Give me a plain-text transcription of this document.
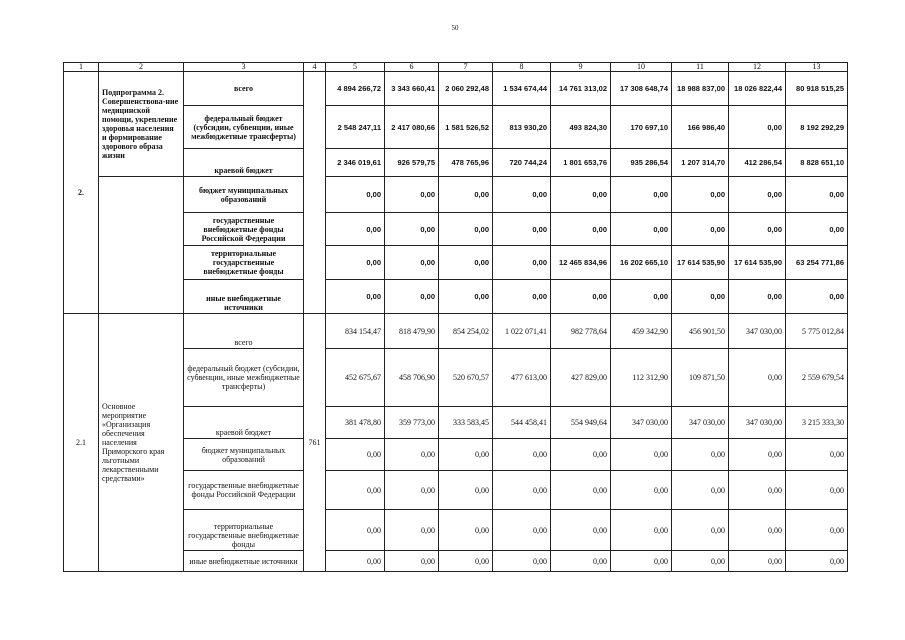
50
1	2	3	4	5	6	7	8	9	10	11	12	13
2.	Подпрограмма 2. Совершенствова-ние медицинской помощи, укрепление здоровья населения и формирование здорового образа жизни	всего		4 894 266,72	3 343 660,41	2 060 292,48	1 534 674,44	14 761 313,02	17 308 648,74	18 988 837,00	18 026 822,44	80 918 515,25
		федеральный бюджет (субсидии, субвенции, иные межбюджетные трансферты)		2 548 247,11	2 417 080,66	1 581 526,52	813 930,20	493 824,30	170 697,10	166 986,40	0,00	8 192 292,29
		краевой бюджет		2 346 019,61	926 579,75	478 765,96	720 744,24	1 801 653,76	935 286,54	1 207 314,70	412 286,54	8 828 651,10
		бюджет муниципальных образований		0,00	0,00	0,00	0,00	0,00	0,00	0,00	0,00	0,00
		государственные внебюджетные фонды Российской Федерации		0,00	0,00	0,00	0,00	0,00	0,00	0,00	0,00	0,00
		территориальные государственные внебюджетные фонды		0,00	0,00	0,00	0,00	12 465 834,96	16 202 665,10	17 614 535,90	17 614 535,90	63 254 771,86
		иные внебюджетные источники		0,00	0,00	0,00	0,00	0,00	0,00	0,00	0,00	0,00
2.1	Основное мероприятие «Организация обеспечения населения Приморского края льготными лекарственными средствами»	всего	761	834 154,47	818 479,90	854 254,02	1 022 071,41	982 778,64	459 342,90	456 901,50	347 030,00	5 775 012,84
		федеральный бюджет (субсидии, субвенции, иные межбюджетные трансферты)		452 675,67	458 706,90	520 670,57	477 613,00	427 829,00	112 312,90	109 871,50	0,00	2 559 679,54
		краевой бюджет		381 478,80	359 773,00	333 583,45	544 458,41	554 949,64	347 030,00	347 030,00	347 030,00	3 215 333,30
		бюджет муниципальных образований		0,00	0,00	0,00	0,00	0,00	0,00	0,00	0,00	0,00
		государственные внебюджетные фонды Российской Федерации		0,00	0,00	0,00	0,00	0,00	0,00	0,00	0,00	0,00
		территориальные государственные внебюджетные фонды		0,00	0,00	0,00	0,00	0,00	0,00	0,00	0,00	0,00
		иные внебюджетные источники		0,00	0,00	0,00	0,00	0,00	0,00	0,00	0,00	0,00
